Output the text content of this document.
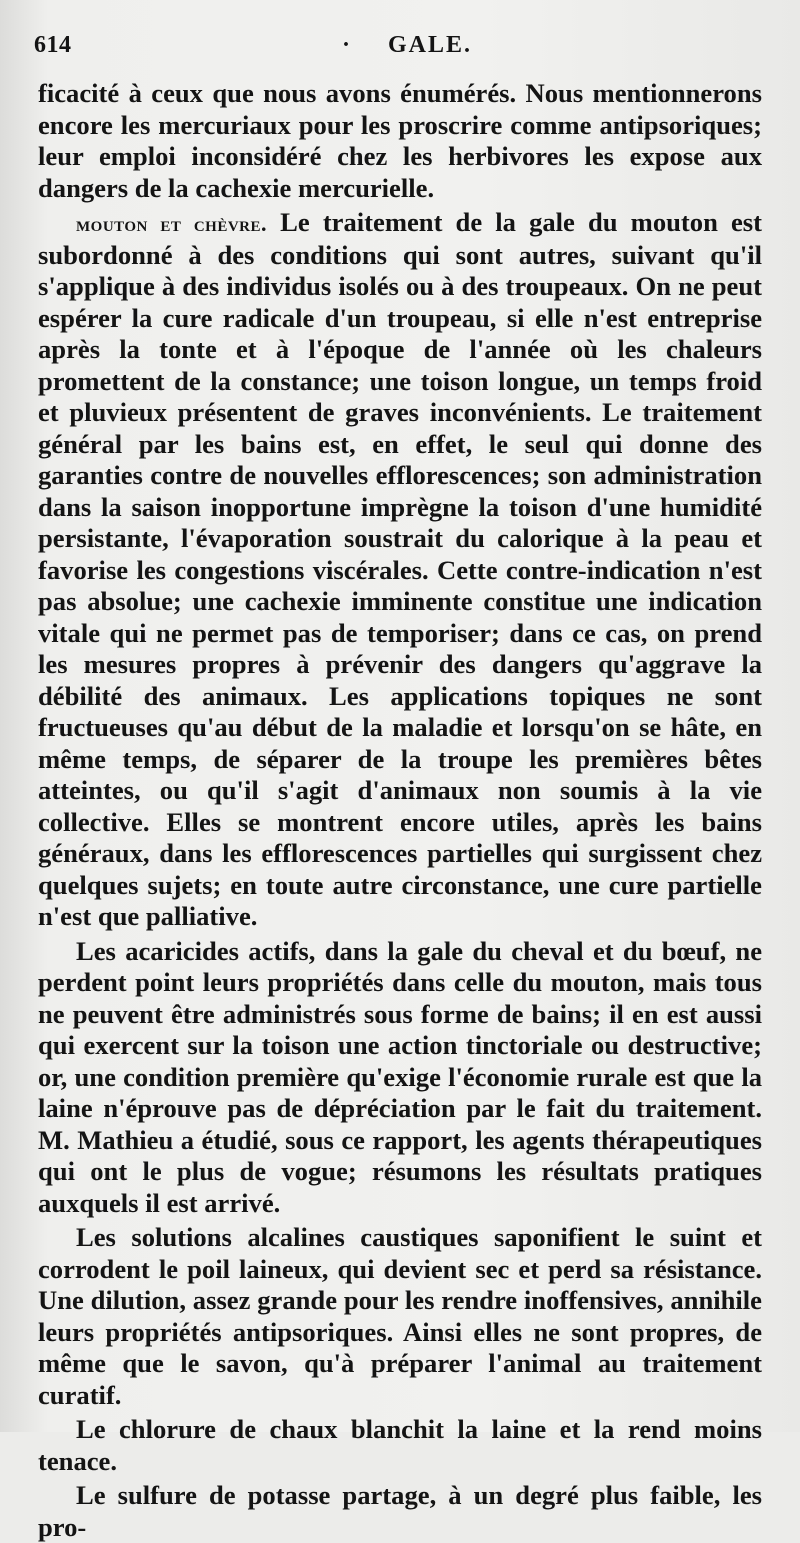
614	· GALE.

ficacité à ceux que nous avons énumérés. Nous mentionnerons encore les mercuriaux pour les proscrire comme antipsoriques; leur emploi inconsidéré chez les herbivores les expose aux dangers de la cachexie mercurielle.

mouton et chèvre. Le traitement de la gale du mouton est subordonné à des conditions qui sont autres, suivant qu'il s'applique à des individus isolés ou à des troupeaux. On ne peut espérer la cure radicale d'un troupeau, si elle n'est entreprise après la tonte et à l'époque de l'année où les chaleurs promettent de la constance; une toison longue, un temps froid et pluvieux présentent de graves inconvénients. Le traitement général par les bains est, en effet, le seul qui donne des garanties contre de nouvelles efflorescences; son administration dans la saison inopportune imprègne la toison d'une humidité persistante, l'évaporation soustrait du calorique à la peau et favorise les congestions viscérales. Cette contre-indication n'est pas absolue; une cachexie imminente constitue une indication vitale qui ne permet pas de temporiser; dans ce cas, on prend les mesures propres à prévenir des dangers qu'aggrave la débilité des animaux. Les applications topiques ne sont fructueuses qu'au début de la maladie et lorsqu'on se hâte, en même temps, de séparer de la troupe les premières bêtes atteintes, ou qu'il s'agit d'animaux non soumis à la vie collective. Elles se montrent encore utiles, après les bains généraux, dans les efflorescences partielles qui surgissent chez quelques sujets; en toute autre circonstance, une cure partielle n'est que palliative.

Les acaricides actifs, dans la gale du cheval et du bœuf, ne perdent point leurs propriétés dans celle du mouton, mais tous ne peuvent être administrés sous forme de bains; il en est aussi qui exercent sur la toison une action tinctoriale ou destructive; or, une condition première qu'exige l'économie rurale est que la laine n'éprouve pas de dépréciation par le fait du traitement. M. Mathieu a étudié, sous ce rapport, les agents thérapeutiques qui ont le plus de vogue; résumons les résultats pratiques auxquels il est arrivé.

Les solutions alcalines caustiques saponifient le suint et corrodent le poil laineux, qui devient sec et perd sa résistance. Une dilution, assez grande pour les rendre inoffensives, annihile leurs propriétés antipsoriques. Ainsi elles ne sont propres, de même que le savon, qu'à préparer l'animal au traitement curatif.

Le chlorure de chaux blanchit la laine et la rend moins tenace.

Le sulfure de potasse partage, à un degré plus faible, les pro-
